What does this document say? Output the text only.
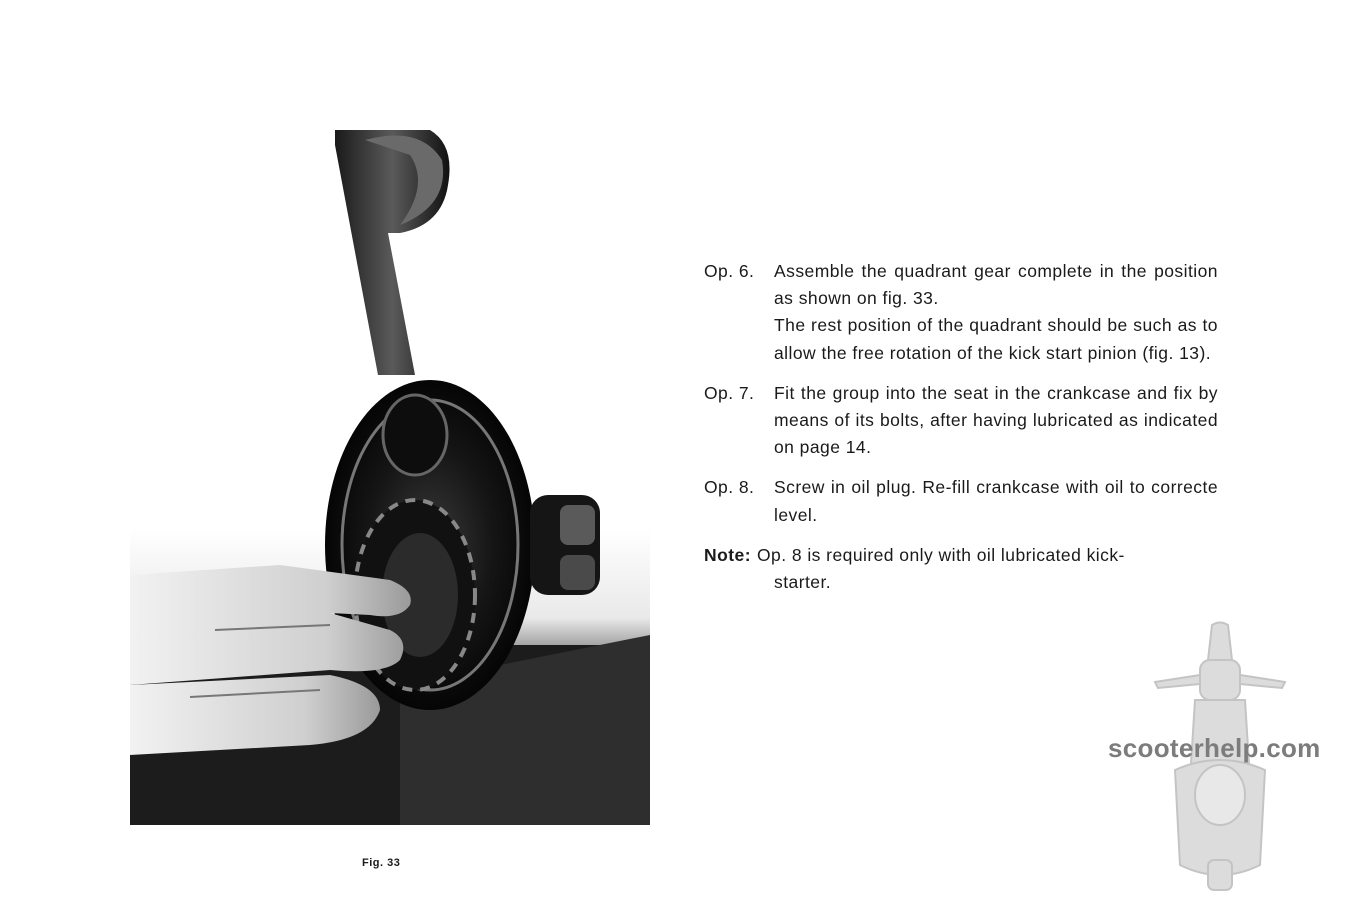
Fig. 33
Op. 6.	Assemble the quadrant gear complete in the position as shown on fig. 33.

The rest position of the quadrant should be such as to allow the free rotation of the kick start pinion (fig. 13).

Op. 7.	Fit the group into the seat in the crankcase and fix by means of its bolts, after having lubricated as indicated on page 14.

Op. 8.	Screw in oil plug. Re-fill crankcase with oil to correcte level.

Note: Op. 8 is required only with oil lubricated kick-
starter.
scooterhelp.com
